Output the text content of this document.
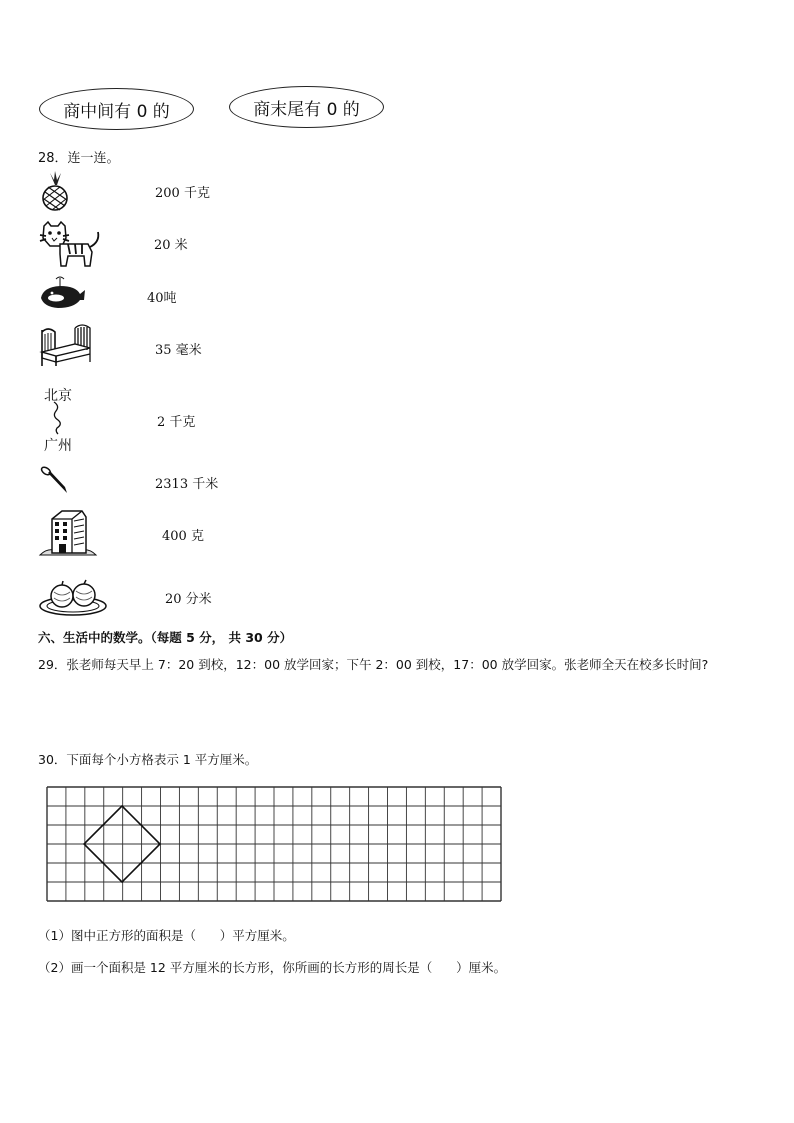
商中间有 0 的	商末尾有 0 的
28．连一连。
200 千克
20 米
40吨
35 毫米
北京
广州
2 千克
2313 千米
400 克
20 分米
六、生活中的数学。（每题 5 分， 共 30 分）
29．张老师每天早上 7：20 到校，12：00 放学回家；下午 2：00 到校，17：00 放学回家。张老师全天在校多长时间?
30．下面每个小方格表示 1 平方厘米。
（1）图中正方形的面积是（      ）平方厘米。
（2）画一个面积是 12 平方厘米的长方形，你所画的长方形的周长是（      ）厘米。
